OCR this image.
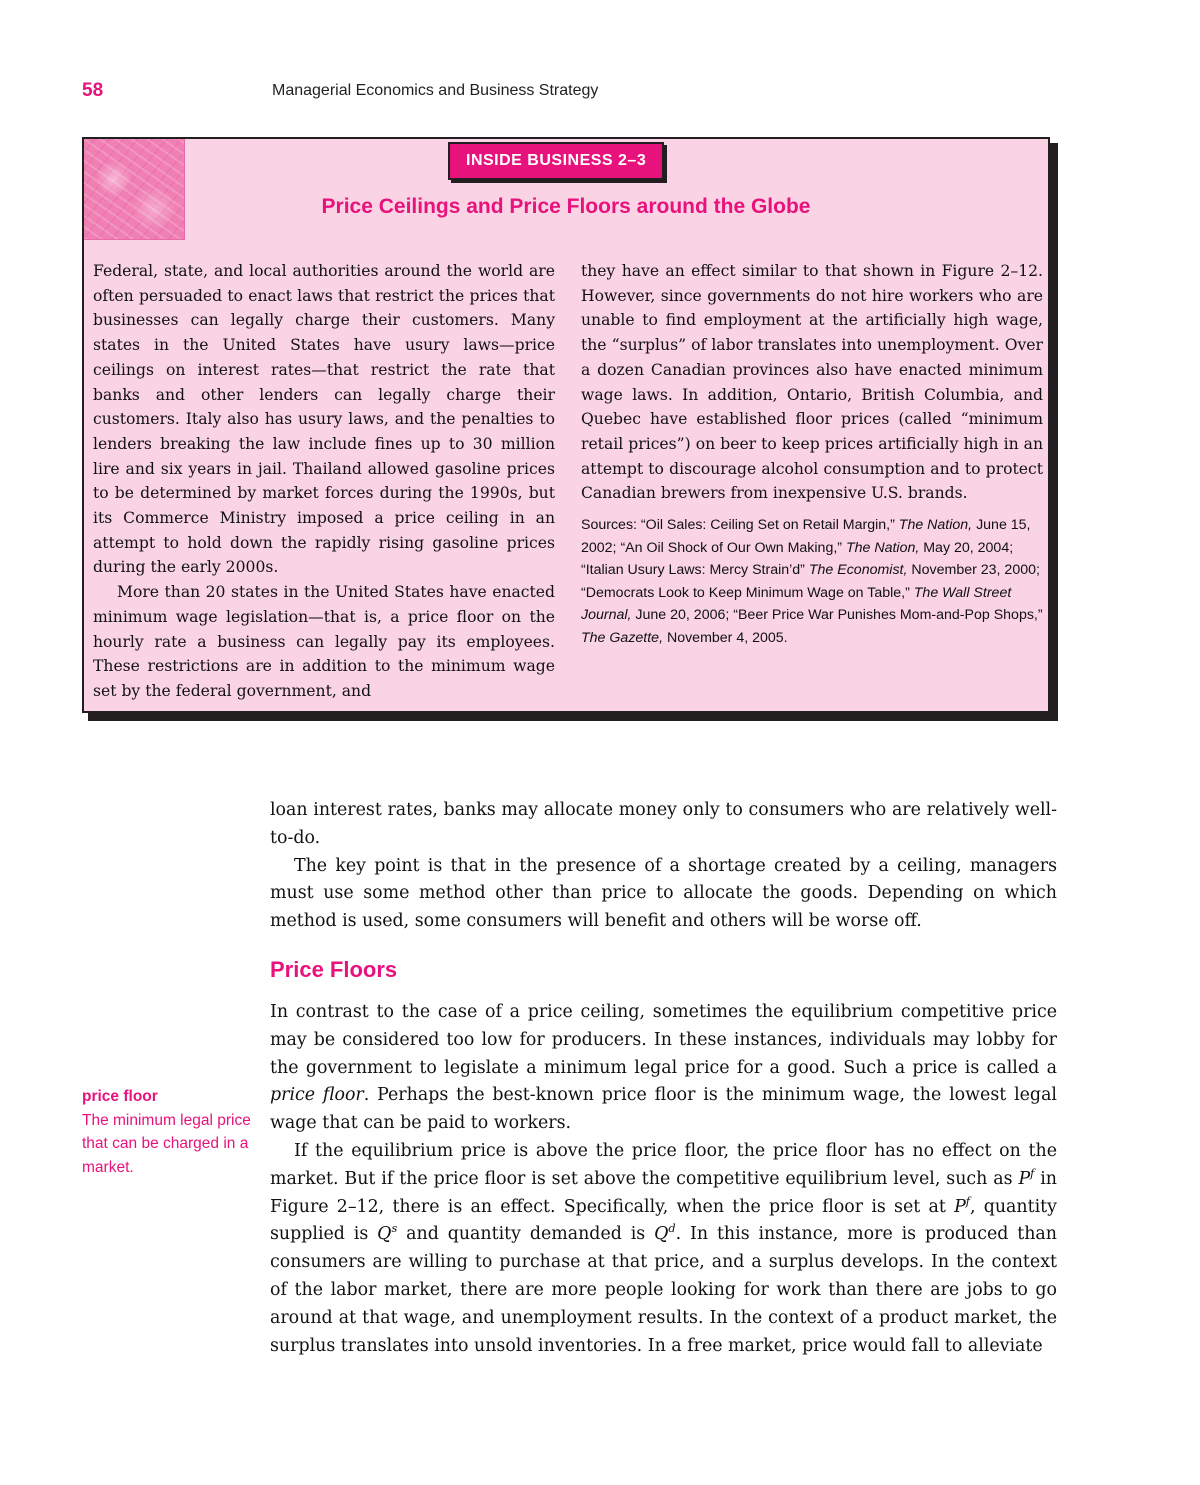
58	Managerial Economics and Business Strategy
INSIDE BUSINESS 2–3
Price Ceilings and Price Floors around the Globe

Federal, state, and local authorities around the world are often persuaded to enact laws that restrict the prices that businesses can legally charge their customers. Many states in the United States have usury laws—price ceilings on interest rates—that restrict the rate that banks and other lenders can legally charge their customers. Italy also has usury laws, and the penalties to lenders breaking the law include fines up to 30 million lire and six years in jail. Thailand allowed gasoline prices to be determined by market forces during the 1990s, but its Commerce Ministry imposed a price ceiling in an attempt to hold down the rapidly rising gasoline prices during the early 2000s.

More than 20 states in the United States have enacted minimum wage legislation—that is, a price floor on the hourly rate a business can legally pay its employees. These restrictions are in addition to the minimum wage set by the federal government, and

they have an effect similar to that shown in Figure 2–12. However, since governments do not hire workers who are unable to find employment at the artificially high wage, the “surplus” of labor translates into unemployment. Over a dozen Canadian provinces also have enacted minimum wage laws. In addition, Ontario, British Columbia, and Quebec have established floor prices (called “minimum retail prices”) on beer to keep prices artificially high in an attempt to discourage alcohol consumption and to protect Canadian brewers from inexpensive U.S. brands.

Sources: “Oil Sales: Ceiling Set on Retail Margin,” The Nation, June 15, 2002; “An Oil Shock of Our Own Making,” The Nation, May 20, 2004; “Italian Usury Laws: Mercy Strain’d” The Economist, November 23, 2000; “Democrats Look to Keep Minimum Wage on Table,” The Wall Street Journal, June 20, 2006; “Beer Price War Punishes Mom-and-Pop Shops,” The Gazette, November 4, 2005.

loan interest rates, banks may allocate money only to consumers who are relatively well-to-do.

The key point is that in the presence of a shortage created by a ceiling, managers must use some method other than price to allocate the goods. Depending on which method is used, some consumers will benefit and others will be worse off.

Price Floors

In contrast to the case of a price ceiling, sometimes the equilibrium competitive price may be considered too low for producers. In these instances, individuals may lobby for the government to legislate a minimum legal price for a good. Such a price is called a price floor. Perhaps the best-known price floor is the minimum wage, the lowest legal wage that can be paid to workers.

If the equilibrium price is above the price floor, the price floor has no effect on the market. But if the price floor is set above the competitive equilibrium level, such as $P^f$ in Figure 2–12, there is an effect. Specifically, when the price floor is set at $P^f$, quantity supplied is $Q^s$ and quantity demanded is $Q^d$. In this instance, more is produced than consumers are willing to purchase at that price, and a surplus develops. In the context of the labor market, there are more people looking for work than there are jobs to go around at that wage, and unemployment results. In the context of a product market, the surplus translates into unsold inventories. In a free market, price would fall to alleviate

price floor
The minimum legal price that can be charged in a market.
